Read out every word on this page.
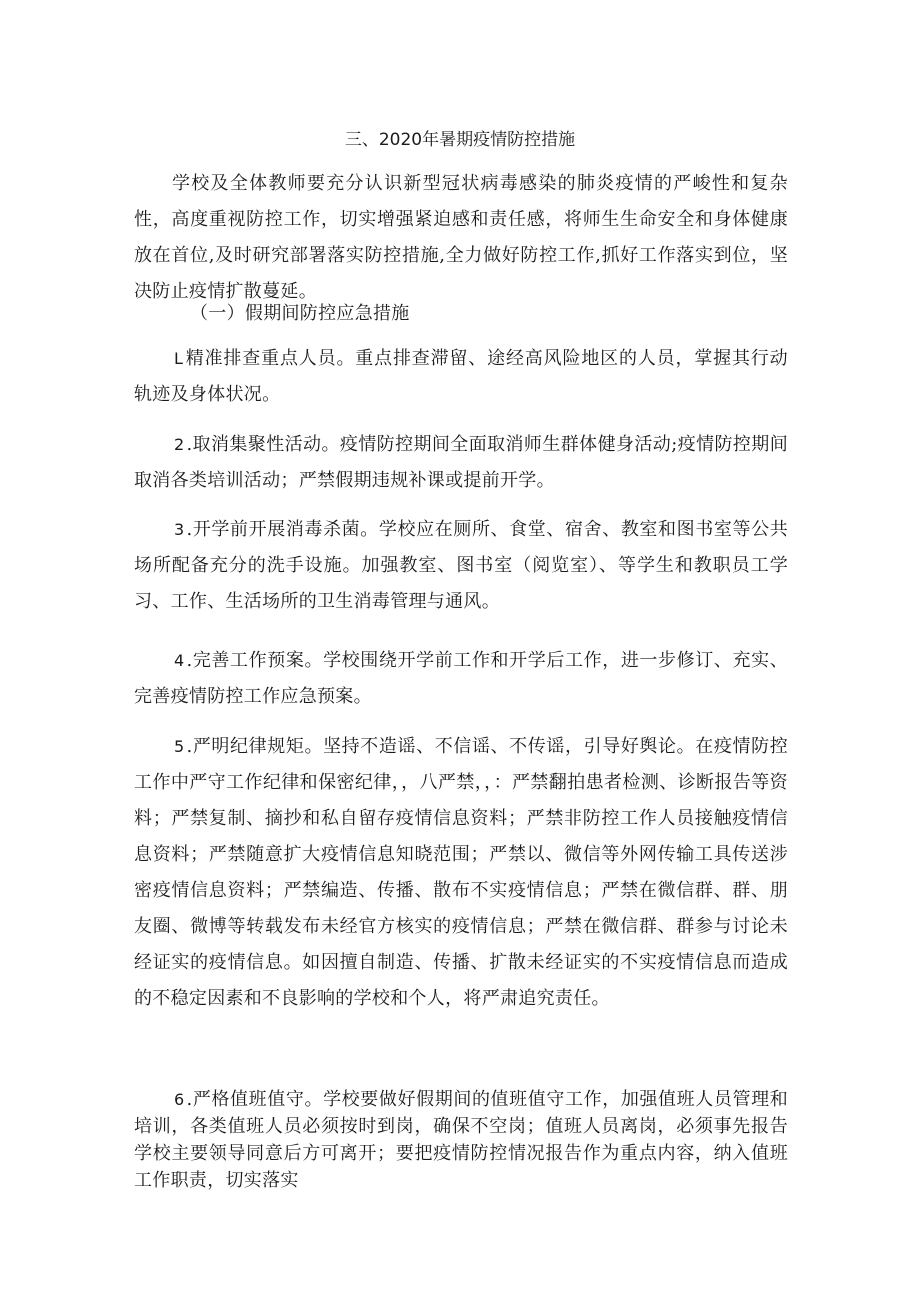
三、2020年暑期疫情防控措施

学校及全体教师要充分认识新型冠状病毒感染的肺炎疫情的严峻性和复杂性，高度重视防控工作，切实增强紧迫感和责任感，将师生生命安全和身体健康放在首位,及时研究部署落实防控措施,全力做好防控工作,抓好工作落实到位，坚决防止疫情扩散蔓延。

（一）假期间防控应急措施

L 精准排查重点人员。重点排查滞留、途经高风险地区的人员，掌握其行动轨迹及身体状况。

2 .取消集聚性活动。疫情防控期间全面取消师生群体健身活动;疫情防控期间取消各类培训活动；严禁假期违规补课或提前开学。

3 .开学前开展消毒杀菌。学校应在厕所、食堂、宿舍、教室和图书室等公共场所配备充分的洗手设施。加强教室、图书室（阅览室）、等学生和教职员工学习、工作、生活场所的卫生消毒管理与通风。

4 .完善工作预案。学校围绕开学前工作和开学后工作，进一步修订、充实、完善疫情防控工作应急预案。

5 .严明纪律规矩。坚持不造谣、不信谣、不传谣，引导好舆论。在疫情防控工作中严守工作纪律和保密纪律，，八严禁，，：严禁翻拍患者检测、诊断报告等资料；严禁复制、摘抄和私自留存疫情信息资料；严禁非防控工作人员接触疫情信息资料；严禁随意扩大疫情信息知晓范围；严禁以、微信等外网传输工具传送涉密疫情信息资料；严禁编造、传播、散布不实疫情信息；严禁在微信群、群、朋友圈、微博等转载发布未经官方核实的疫情信息；严禁在微信群、群参与讨论未经证实的疫情信息。如因擅自制造、传播、扩散未经证实的不实疫情信息而造成的不稳定因素和不良影响的学校和个人，将严肃追究责任。

6 .严格值班值守。学校要做好假期间的值班值守工作，加强值班人员管理和培训，各类值班人员必须按时到岗，确保不空岗；值班人员离岗，必须事先报告学校主要领导同意后方可离开；要把疫情防控情况报告作为重点内容，纳入值班工作职责，切实落实
